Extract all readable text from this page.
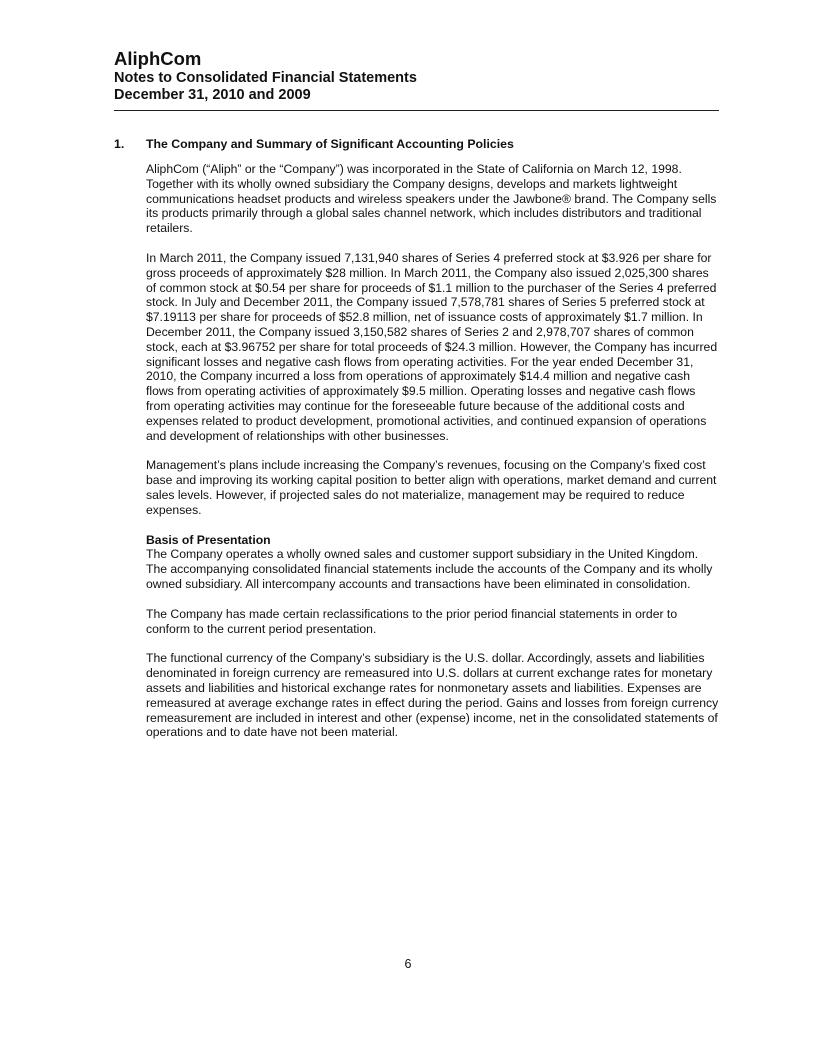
AliphCom
Notes to Consolidated Financial Statements
December 31, 2010 and 2009
1. The Company and Summary of Significant Accounting Policies

AliphCom (“Aliph” or the “Company”) was incorporated in the State of California on March 12, 1998. Together with its wholly owned subsidiary the Company designs, develops and markets lightweight communications headset products and wireless speakers under the Jawbone® brand. The Company sells its products primarily through a global sales channel network, which includes distributors and traditional retailers.

In March 2011, the Company issued 7,131,940 shares of Series 4 preferred stock at $3.926 per share for gross proceeds of approximately $28 million. In March 2011, the Company also issued 2,025,300 shares of common stock at $0.54 per share for proceeds of $1.1 million to the purchaser of the Series 4 preferred stock. In July and December 2011, the Company issued 7,578,781 shares of Series 5 preferred stock at $7.19113 per share for proceeds of $52.8 million, net of issuance costs of approximately $1.7 million. In December 2011, the Company issued 3,150,582 shares of Series 2 and 2,978,707 shares of common stock, each at $3.96752 per share for total proceeds of $24.3 million. However, the Company has incurred significant losses and negative cash flows from operating activities. For the year ended December 31, 2010, the Company incurred a loss from operations of approximately $14.4 million and negative cash flows from operating activities of approximately $9.5 million. Operating losses and negative cash flows from operating activities may continue for the foreseeable future because of the additional costs and expenses related to product development, promotional activities, and continued expansion of operations and development of relationships with other businesses.

Management’s plans include increasing the Company’s revenues, focusing on the Company’s fixed cost base and improving its working capital position to better align with operations, market demand and current sales levels. However, if projected sales do not materialize, management may be required to reduce expenses.

Basis of Presentation

The Company operates a wholly owned sales and customer support subsidiary in the United Kingdom. The accompanying consolidated financial statements include the accounts of the Company and its wholly owned subsidiary. All intercompany accounts and transactions have been eliminated in consolidation.

The Company has made certain reclassifications to the prior period financial statements in order to conform to the current period presentation.

The functional currency of the Company’s subsidiary is the U.S. dollar. Accordingly, assets and liabilities denominated in foreign currency are remeasured into U.S. dollars at current exchange rates for monetary assets and liabilities and historical exchange rates for nonmonetary assets and liabilities. Expenses are remeasured at average exchange rates in effect during the period. Gains and losses from foreign currency remeasurement are included in interest and other (expense) income, net in the consolidated statements of operations and to date have not been material.

6
